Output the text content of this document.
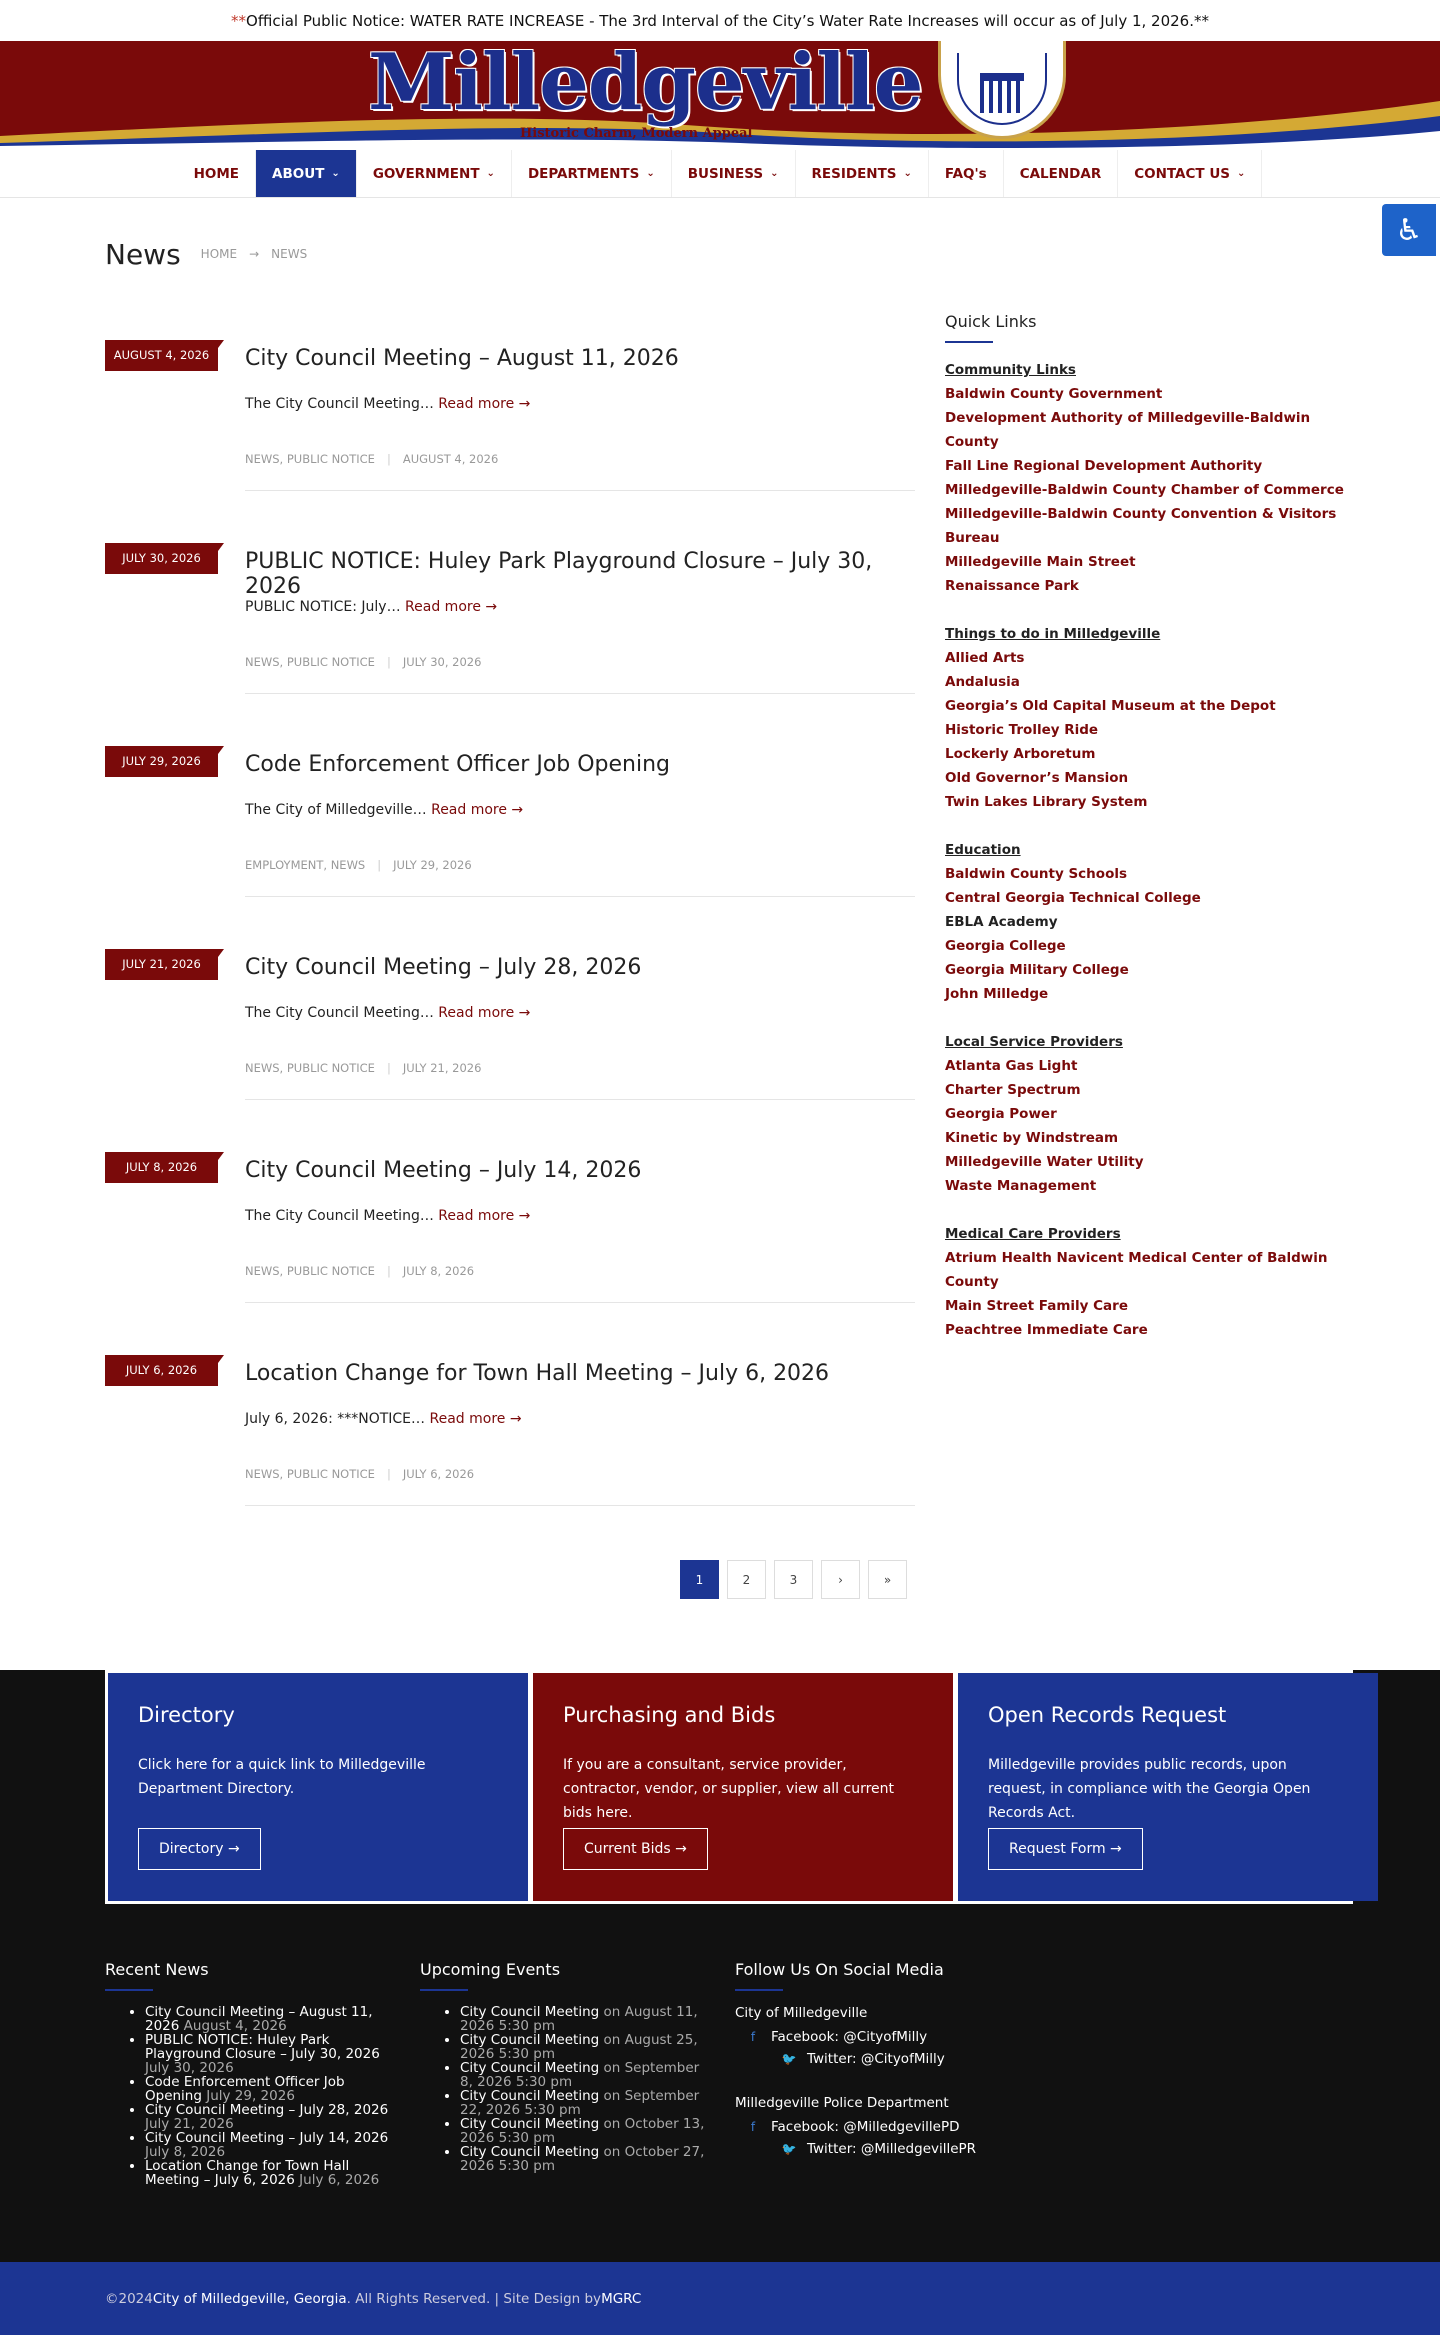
** Official Public Notice: WATER RATE INCREASE - The 3rd Interval of the City’s Water Rate Increases will occur as of July 1, 2026.**
Milledgeville
Historic Charm, Modern Appeal
HOME ABOUT ⌄ GOVERNMENT ⌄ DEPARTMENTS ⌄ BUSINESS ⌄ RESIDENTS ⌄ FAQ's CALENDAR CONTACT US ⌄
♿
News HOME → NEWS
AUGUST 4, 2026	City Council Meeting – August 11, 2026
The City Council Meeting… Read more →
NEWS, PUBLIC NOTICE | AUGUST 4, 2026
JULY 30, 2026	PUBLIC NOTICE: Huley Park Playground Closure – July 30, 2026
PUBLIC NOTICE: July… Read more →
NEWS, PUBLIC NOTICE | JULY 30, 2026
JULY 29, 2026	Code Enforcement Officer Job Opening
The City of Milledgeville… Read more →
EMPLOYMENT, NEWS | JULY 29, 2026
JULY 21, 2026	City Council Meeting – July 28, 2026
The City Council Meeting… Read more →
NEWS, PUBLIC NOTICE | JULY 21, 2026
JULY 8, 2026	City Council Meeting – July 14, 2026
The City Council Meeting… Read more →
NEWS, PUBLIC NOTICE | JULY 8, 2026
JULY 6, 2026	Location Change for Town Hall Meeting – July 6, 2026
July 6, 2026: ***NOTICE… Read more →
NEWS, PUBLIC NOTICE | JULY 6, 2026
Quick Links
Community Links
Baldwin County Government
Development Authority of Milledgeville-Baldwin County
Fall Line Regional Development Authority
Milledgeville-Baldwin County Chamber of Commerce
Milledgeville-Baldwin County Convention & Visitors Bureau
Milledgeville Main Street
Renaissance Park
Things to do in Milledgeville
Allied Arts
Andalusia
Georgia’s Old Capital Museum at the Depot
Historic Trolley Ride
Lockerly Arboretum
Old Governor’s Mansion
Twin Lakes Library System
Education
Baldwin County Schools
Central Georgia Technical College
EBLA Academy
Georgia College
Georgia Military College
John Milledge
Local Service Providers
Atlanta Gas Light
Charter Spectrum
Georgia Power
Kinetic by Windstream
Milledgeville Water Utility
Waste Management
Medical Care Providers
Atrium Health Navicent Medical Center of Baldwin County
Main Street Family Care
Peachtree Immediate Care
1	2	3	›	»
Directory

Click here for a quick link to Milledgeville Department Directory.

Directory →
Purchasing and Bids

If you are a consultant, service provider, contractor, vendor, or supplier, view all current bids here.

Current Bids →
Open Records Request

Milledgeville provides public records, upon request, in compliance with the Georgia Open Records Act.

Request Form →
Recent News
• City Council Meeting – August 11, 2026 August 4, 2026
• PUBLIC NOTICE: Huley Park Playground Closure – July 30, 2026 July 30, 2026
• Code Enforcement Officer Job Opening July 29, 2026
• City Council Meeting – July 28, 2026 July 21, 2026
• City Council Meeting – July 14, 2026 July 8, 2026
• Location Change for Town Hall Meeting – July 6, 2026 July 6, 2026
Upcoming Events
• City Council Meeting on August 11, 2026 5:30 pm
• City Council Meeting on August 25, 2026 5:30 pm
• City Council Meeting on September 8, 2026 5:30 pm
• City Council Meeting on September 22, 2026 5:30 pm
• City Council Meeting on October 13, 2026 5:30 pm
• City Council Meeting on October 27, 2026 5:30 pm
Follow Us On Social Media
City of Milledgeville
f	Facebook: @CityofMilly
🐦 Twitter: @CityofMilly
Milledgeville Police Department
f	Facebook: @MilledgevillePD
🐦 Twitter: @MilledgevillePR
©2024 City of Milledgeville, Georgia . All Rights Reserved. | Site Design by MGRC
